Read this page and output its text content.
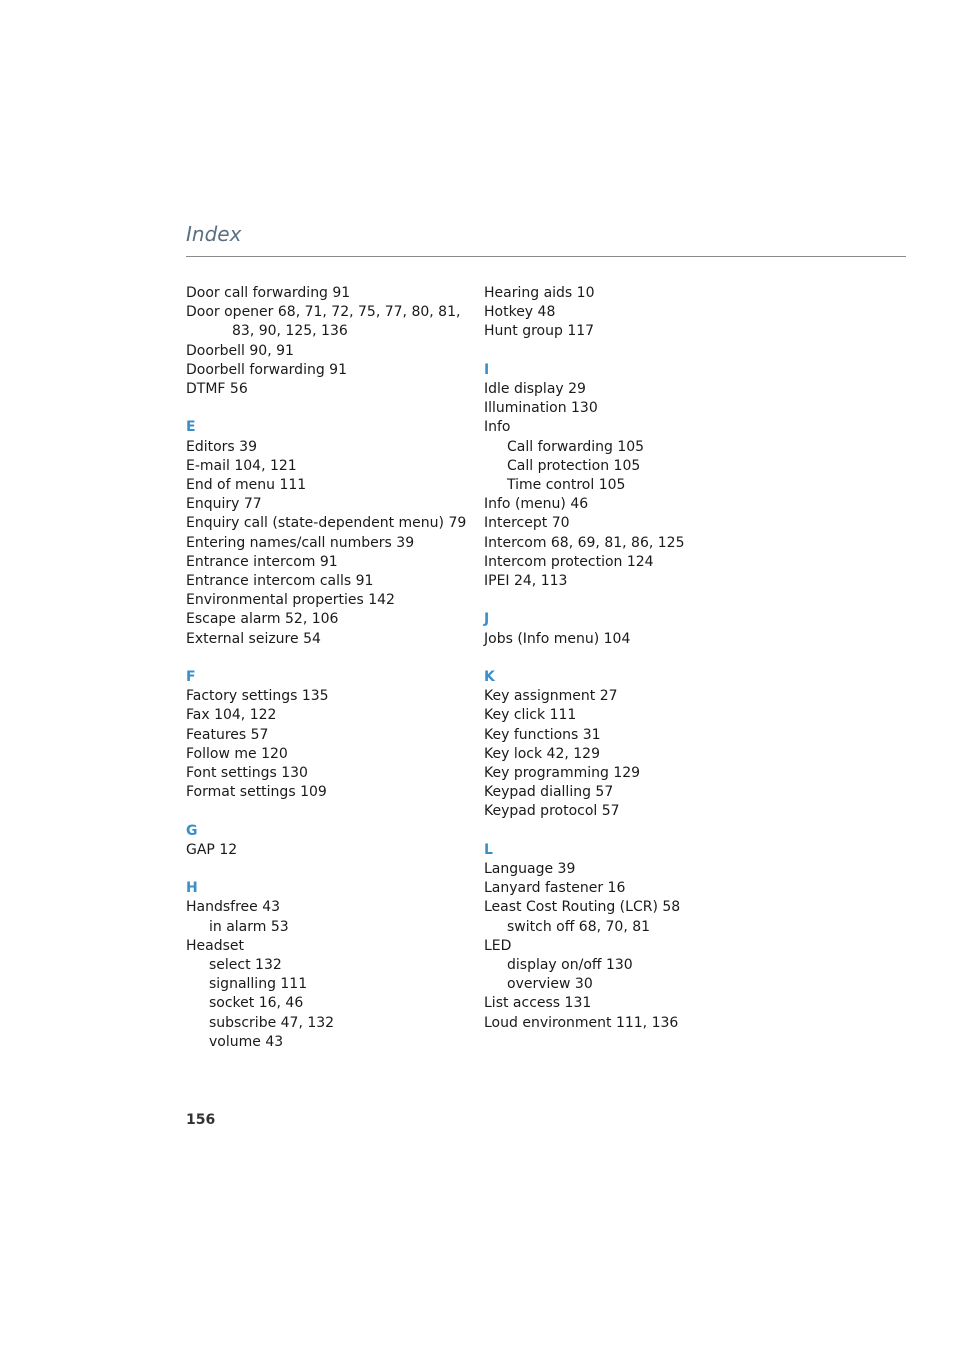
Index
Door call forwarding 91
Door opener 68, 71, 72, 75, 77, 80, 81,
83, 90, 125, 136
Doorbell 90, 91
Doorbell forwarding 91
DTMF 56
E
Editors 39
E-mail 104, 121
End of menu 111
Enquiry 77
Enquiry call (state-dependent menu) 79
Entering names/call numbers 39
Entrance intercom 91
Entrance intercom calls 91
Environmental properties 142
Escape alarm 52, 106
External seizure 54
F
Factory settings 135
Fax 104, 122
Features 57
Follow me 120
Font settings 130
Format settings 109
G
GAP 12
H
Handsfree 43
in alarm 53
Headset
select 132
signalling 111
socket 16, 46
subscribe 47, 132
volume 43
Hearing aids 10
Hotkey 48
Hunt group 117
I
Idle display 29
Illumination 130
Info
Call forwarding 105
Call protection 105
Time control 105
Info (menu) 46
Intercept 70
Intercom 68, 69, 81, 86, 125
Intercom protection 124
IPEI 24, 113
J
Jobs (Info menu) 104
K
Key assignment 27
Key click 111
Key functions 31
Key lock 42, 129
Key programming 129
Keypad dialling 57
Keypad protocol 57
L
Language 39
Lanyard fastener 16
Least Cost Routing (LCR) 58
switch off 68, 70, 81
LED
display on/off 130
overview 30
List access 131
Loud environment 111, 136
156
